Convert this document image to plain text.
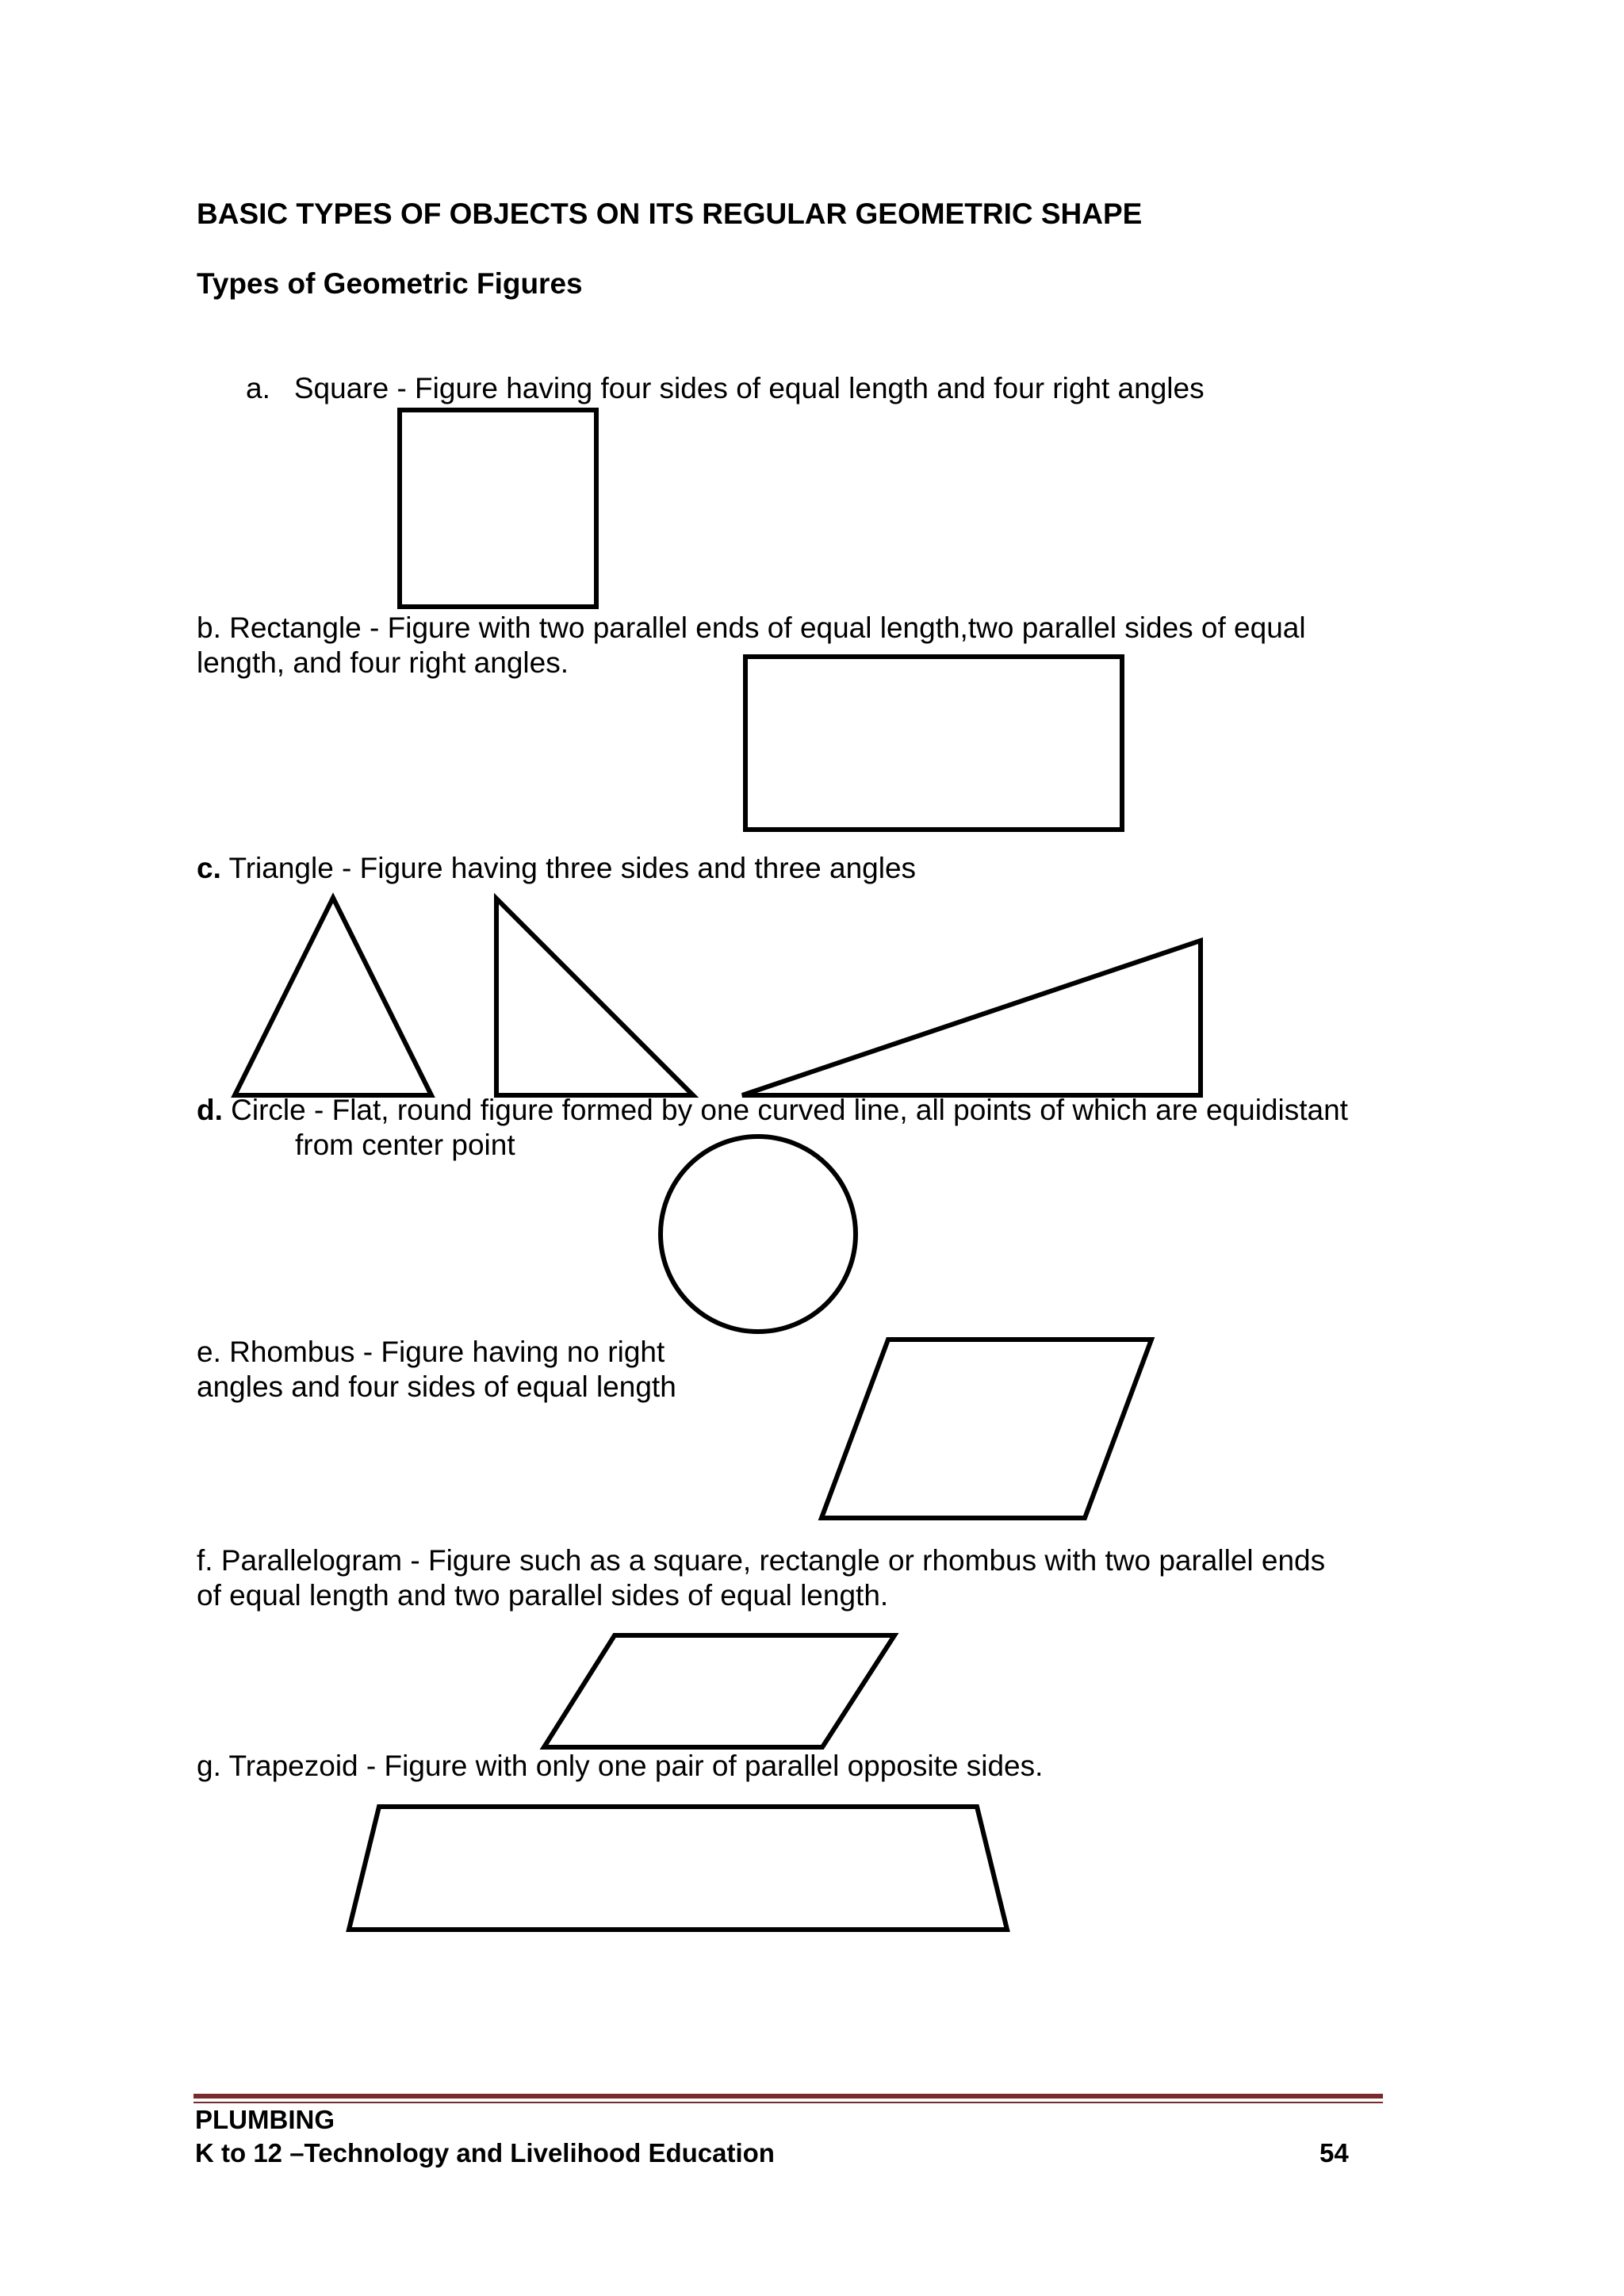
BASIC TYPES OF OBJECTS ON ITS REGULAR GEOMETRIC SHAPE
Types of Geometric Figures
a. Square - Figure having four sides of equal length and four right angles
b. Rectangle - Figure with two parallel ends of equal length,two parallel sides of equal
length, and four right angles.
c. Triangle - Figure having three sides and three angles
d. Circle - Flat, round figure formed by one curved line, all points of which are equidistant
from center point
e. Rhombus - Figure having no right
angles and four sides of equal length
f. Parallelogram - Figure such as a square, rectangle or rhombus with two parallel ends
of equal length and two parallel sides of equal length.
g. Trapezoid - Figure with only one pair of parallel opposite sides.
PLUMBING
K to 12 –Technology and Livelihood Education	54
